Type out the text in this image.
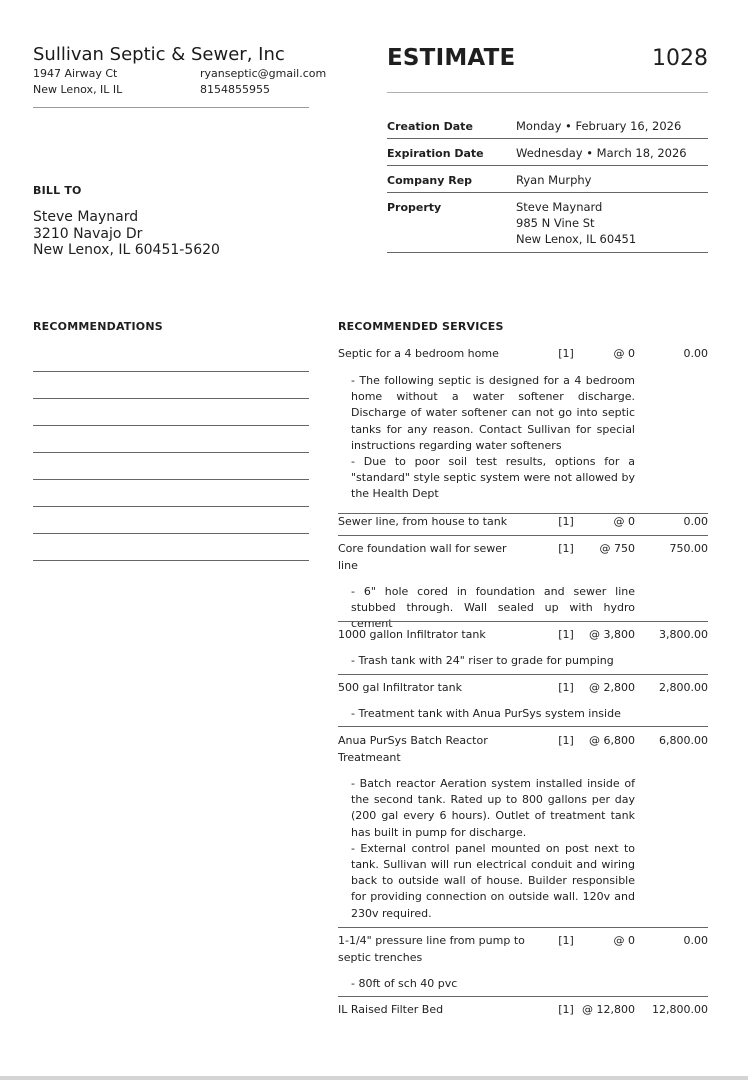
Sullivan Septic & Sewer, Inc
1947 Airway Ct
New Lenox, IL IL
ryanseptic@gmail.com
8154855955
ESTIMATE	1028
Creation Date	Monday • February 16, 2026
Expiration Date	Wednesday • March 18, 2026
Company Rep	Ryan Murphy
Property	Steve Maynard
985 N Vine St
New Lenox, IL 60451
BILL TO
Steve Maynard
3210 Navajo Dr
New Lenox, IL 60451-5620
RECOMMENDATIONS	RECOMMENDED SERVICES
Septic for a 4 bedroom home	[1]	@ 0	0.00

- The following septic is designed for a 4 bedroom home without a water softener discharge. Discharge of water softener can not go into septic tanks for any reason. Contact Sullivan for special instructions regarding water softeners

- Due to poor soil test results, options for a "standard" style septic system were not allowed by the Health Dept

Sewer line, from house to tank	[1]	@ 0	0.00
Core foundation wall for sewer line
[1]	@ 750	750.00

- 6" hole cored in foundation and sewer line stubbed through. Wall sealed up with hydro cement

1000 gallon Infiltrator tank	[1]	@ 3,800	3,800.00

- Trash tank with 24" riser to grade for pumping

500 gal Infiltrator tank	[1]	@ 2,800	2,800.00

- Treatment tank with Anua PurSys system inside

Anua PurSys Batch Reactor Treatmeant
[1]	@ 6,800	6,800.00

- Batch reactor Aeration system installed inside of the second tank. Rated up to 800 gallons per day (200 gal every 6 hours). Outlet of treatment tank has built in pump for discharge.

- External control panel mounted on post next to tank. Sullivan will run electrical conduit and wiring back to outside wall of house. Builder responsible for providing connection on outside wall. 120v and 230v required.

1-1/4" pressure line from pump to septic trenches
[1]	@ 0	0.00

- 80ft of sch 40 pvc

IL Raised Filter Bed	[1] @ 12,800	12,800.00
